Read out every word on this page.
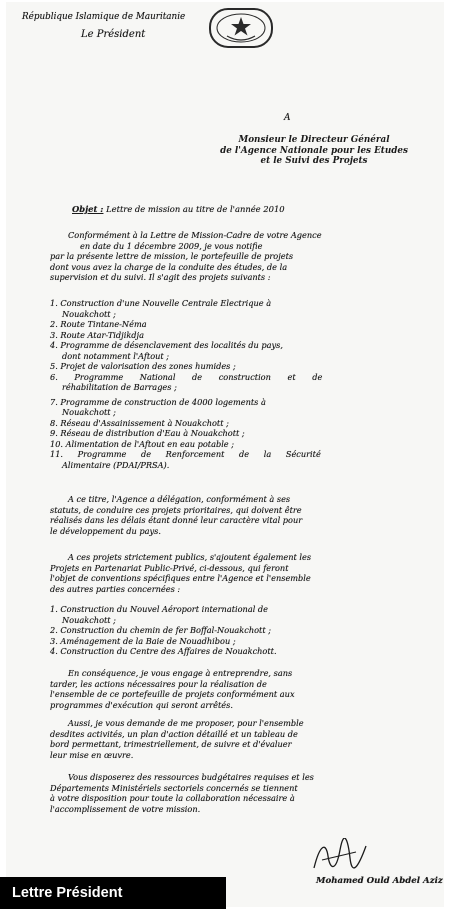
République Islamique de Mauritanie
Le Président
A
Monsieur le Directeur Général
de l'Agence Nationale pour les Etudes
et le Suivi des Projets
Objet : Lettre de mission au titre de l'année 2010
Conformément à la Lettre de Mission-Cadre de votre Agence
en date du 1 décembre 2009, je vous notifie
par la présente lettre de mission, le portefeuille de projets
dont vous avez la charge de la conduite des études, de la
supervision et du suivi. Il s'agit des projets suivants :
1. Construction d'une Nouvelle Centrale Electrique à
Nouakchott ;
2. Route Tintane-Néma
3. Route Atar-Tidjikdja
4. Programme de désenclavement des localités du pays,
dont notamment l'Aftout ;
5. Projet de valorisation des zones humides ;
6. Programme National de construction et de
réhabilitation de Barrages ;
7. Programme de construction de 4000 logements à
Nouakchott ;
8. Réseau d'Assainissement à Nouakchott ;
9. Réseau de distribution d'Eau à Nouakchott ;
10. Alimentation de l'Aftout en eau potable ;
11. Programme de Renforcement de la Sécurité
Alimentaire (PDAI/PRSA).
A ce titre, l'Agence a délégation, conformément à ses
statuts, de conduire ces projets prioritaires, qui doivent être
réalisés dans les délais étant donné leur caractère vital pour
le développement du pays.
A ces projets strictement publics, s'ajoutent également les
Projets en Partenariat Public-Privé, ci-dessous, qui feront
l'objet de conventions spécifiques entre l'Agence et l'ensemble
des autres parties concernées :
1. Construction du Nouvel Aéroport international de
Nouakchott ;
2. Construction du chemin de fer Boffal-Nouakchott ;
3. Aménagement de la Baie de Nouadhibou ;
4. Construction du Centre des Affaires de Nouakchott.
En conséquence, je vous engage à entreprendre, sans
tarder, les actions nécessaires pour la réalisation de
l'ensemble de ce portefeuille de projets conformément aux
programmes d'exécution qui seront arrêtés.
Aussi, je vous demande de me proposer, pour l'ensemble
desdites activités, un plan d'action détaillé et un tableau de
bord permettant, trimestriellement, de suivre et d'évaluer
leur mise en œuvre.
Vous disposerez des ressources budgétaires requises et les
Départements Ministériels sectoriels concernés se tiennent
à votre disposition pour toute la collaboration nécessaire à
l'accomplissement de votre mission.
Mohamed Ould Abdel Aziz
Lettre Président
